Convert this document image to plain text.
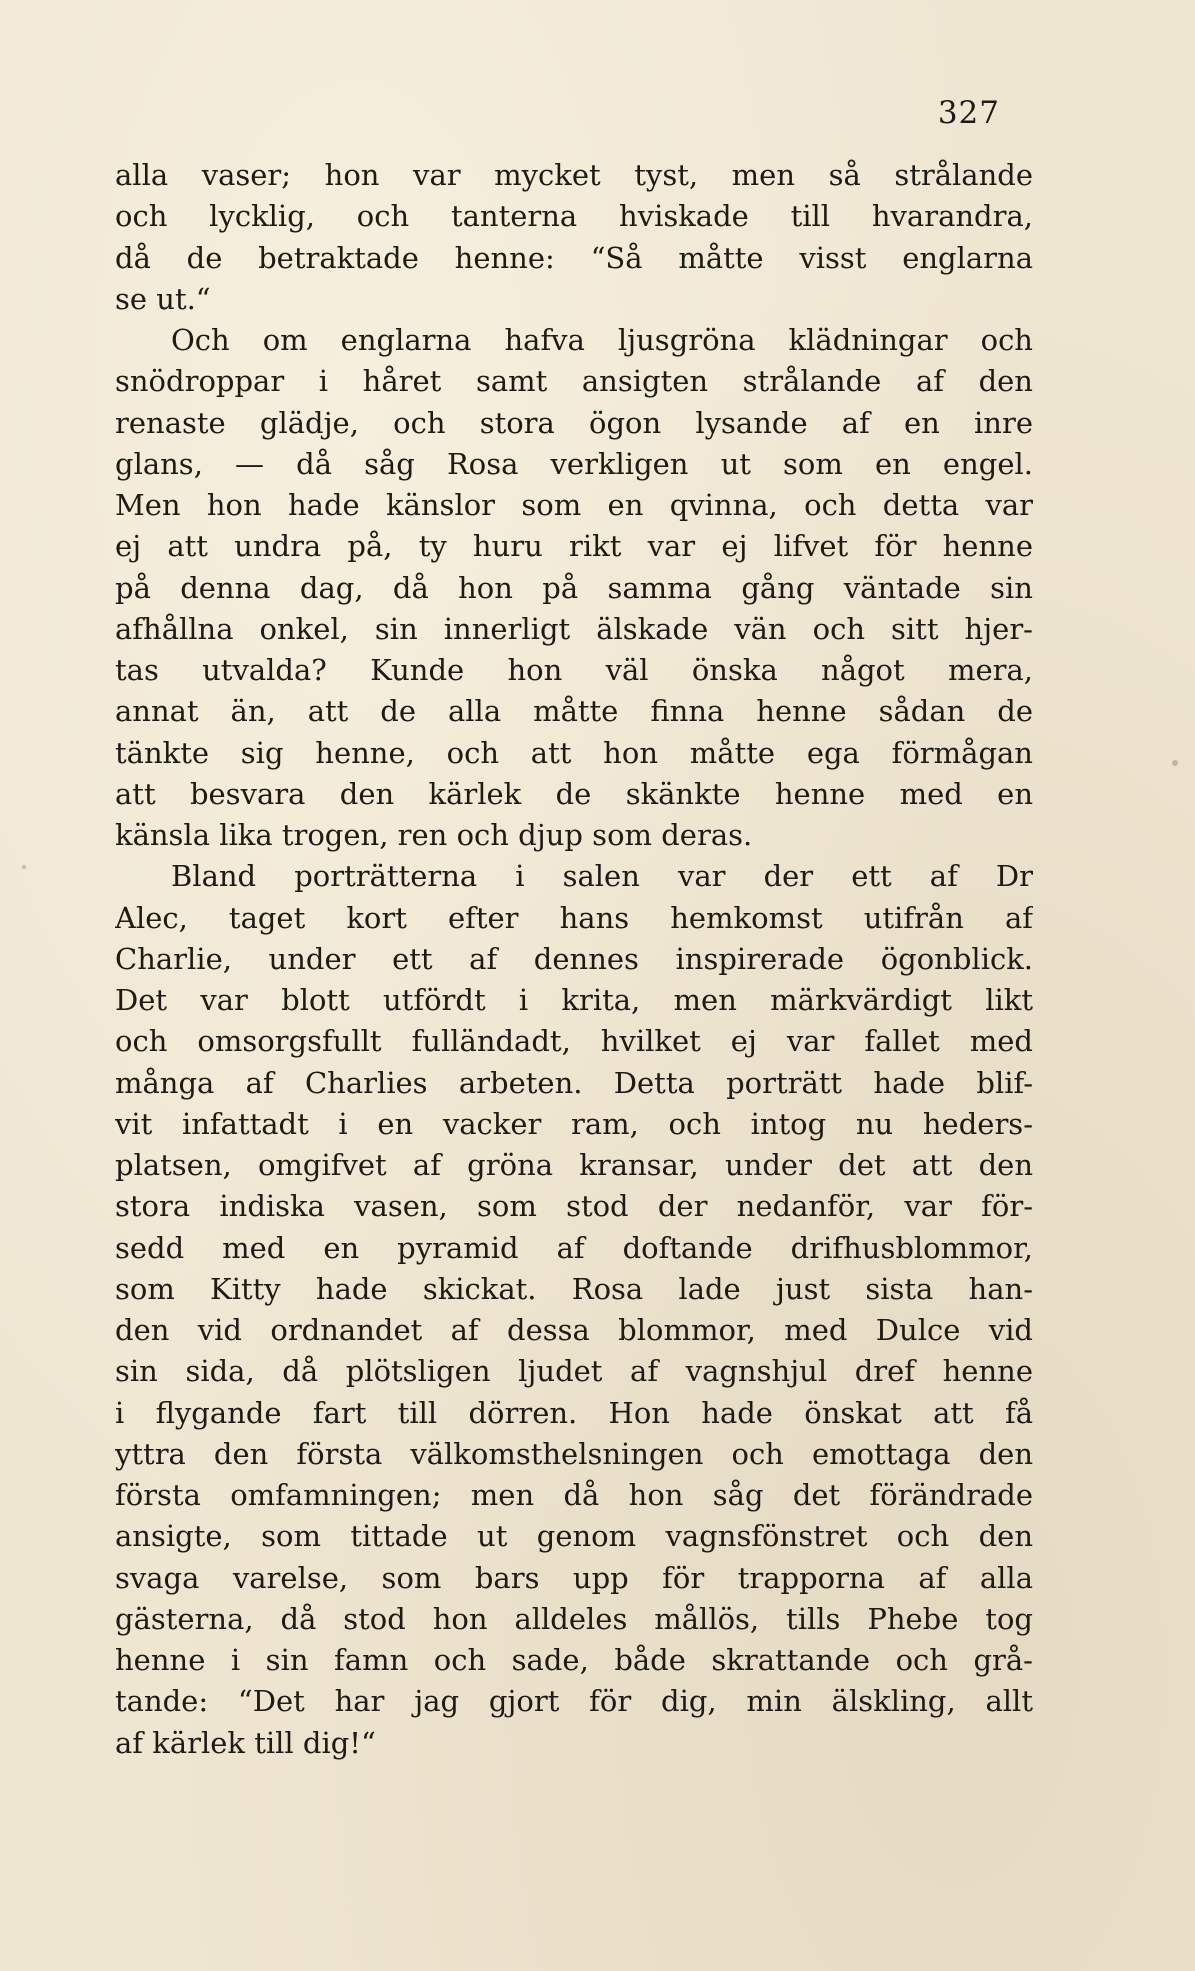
327
alla vaser; hon var mycket tyst, men så strålande
och lycklig, och tanterna hviskade till hvarandra,
då de betraktade henne: “Så måtte visst englarna
se ut.“
Och om englarna hafva ljusgröna klädningar och
snödroppar i håret samt ansigten strålande af den
renaste glädje, och stora ögon lysande af en inre
glans, — då såg Rosa verkligen ut som en engel.
Men hon hade känslor som en qvinna, och detta var
ej att undra på, ty huru rikt var ej lifvet för henne
på denna dag, då hon på samma gång väntade sin
afhållna onkel, sin innerligt älskade vän och sitt hjer-
tas utvalda? Kunde hon väl önska något mera,
annat än, att de alla måtte finna henne sådan de
tänkte sig henne, och att hon måtte ega förmågan
att besvara den kärlek de skänkte henne med en
känsla lika trogen, ren och djup som deras.
Bland porträtterna i salen var der ett af Dr
Alec, taget kort efter hans hemkomst utifrån af
Charlie, under ett af dennes inspirerade ögonblick.
Det var blott utfördt i krita, men märkvärdigt likt
och omsorgsfullt fulländadt, hvilket ej var fallet med
många af Charlies arbeten. Detta porträtt hade blif-
vit infattadt i en vacker ram, och intog nu heders-
platsen, omgifvet af gröna kransar, under det att den
stora indiska vasen, som stod der nedanför, var för-
sedd med en pyramid af doftande drifhusblommor,
som Kitty hade skickat. Rosa lade just sista han-
den vid ordnandet af dessa blommor, med Dulce vid
sin sida, då plötsligen ljudet af vagnshjul dref henne
i flygande fart till dörren. Hon hade önskat att få
yttra den första välkomsthelsningen och emottaga den
första omfamningen; men då hon såg det förändrade
ansigte, som tittade ut genom vagnsfönstret och den
svaga varelse, som bars upp för trapporna af alla
gästerna, då stod hon alldeles mållös, tills Phebe tog
henne i sin famn och sade, både skrattande och grå-
tande: “Det har jag gjort för dig, min älskling, allt
af kärlek till dig!“
